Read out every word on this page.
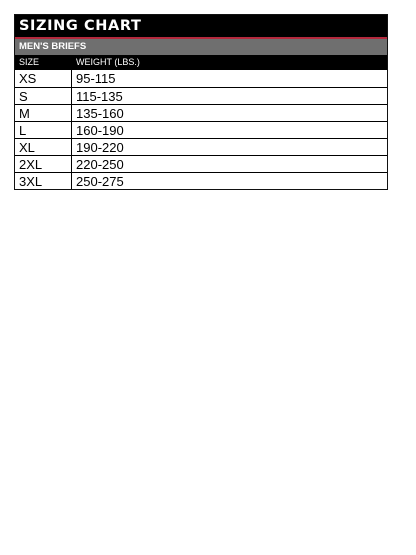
SIZING CHART
MEN'S BRIEFS
SIZE	WEIGHT (LBS.)
XS	95-115
S	115-135
M	135-160
L	160-190
XL	190-220
2XL	220-250
3XL	250-275
